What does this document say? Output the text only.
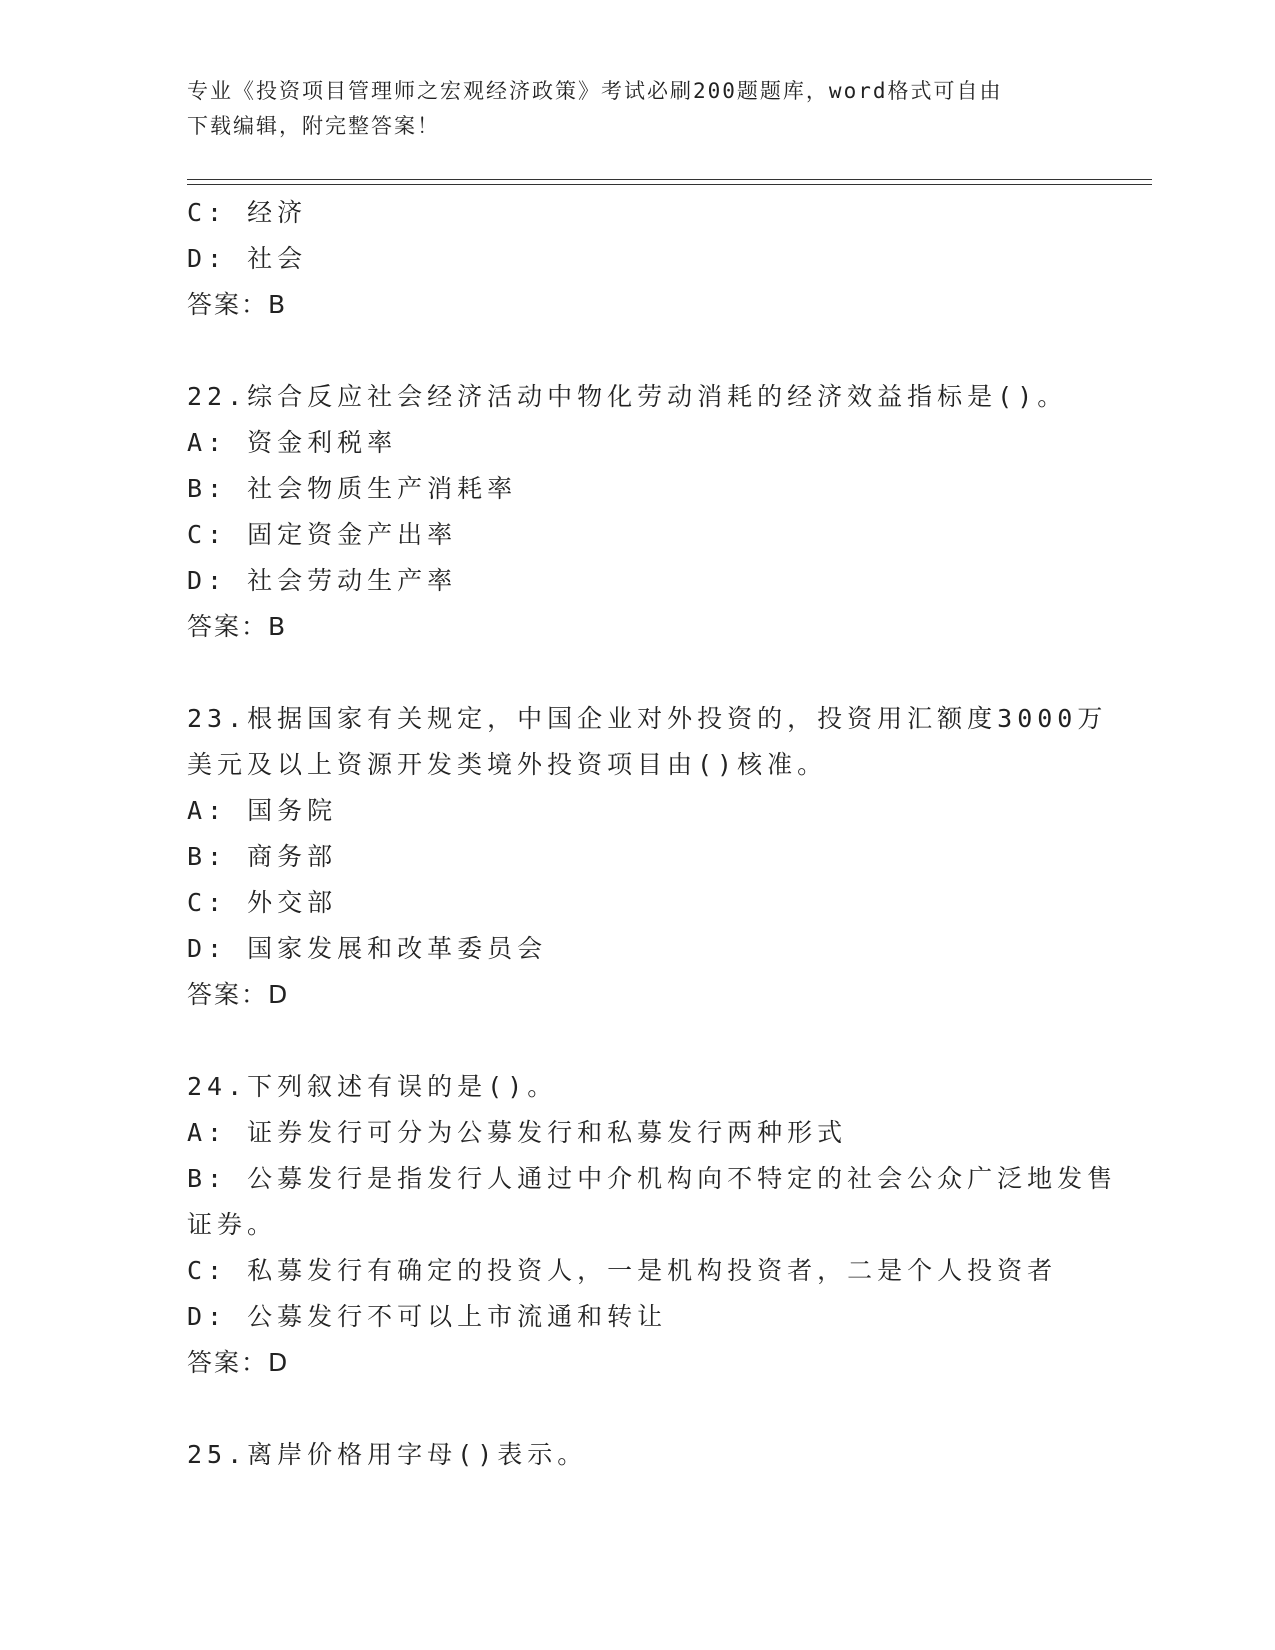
专业《投资项目管理师之宏观经济政策》考试必刷200题题库，word格式可自由
下载编辑，附完整答案！
C: 经济
D: 社会
答案：B
22.综合反应社会经济活动中物化劳动消耗的经济效益指标是()。
A: 资金利税率
B: 社会物质生产消耗率
C: 固定资金产出率
D: 社会劳动生产率
答案：B
23.根据国家有关规定，中国企业对外投资的，投资用汇额度3000万
美元及以上资源开发类境外投资项目由()核准。
A: 国务院
B: 商务部
C: 外交部
D: 国家发展和改革委员会
答案：D
24.下列叙述有误的是()。
A: 证券发行可分为公募发行和私募发行两种形式
B: 公募发行是指发行人通过中介机构向不特定的社会公众广泛地发售
证券。
C: 私募发行有确定的投资人，一是机构投资者，二是个人投资者
D: 公募发行不可以上市流通和转让
答案：D
25.离岸价格用字母()表示。
